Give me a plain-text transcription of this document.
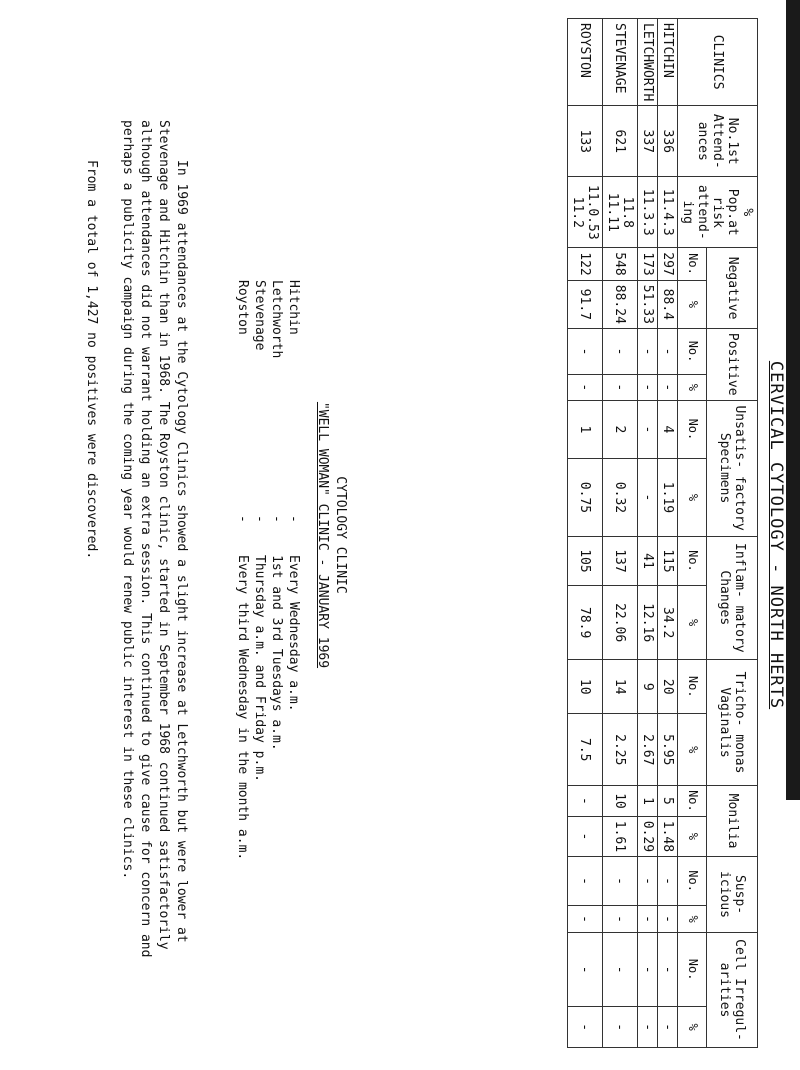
CERVICAL CYTOLOGY - NORTH HERTS
CLINICS	No.1st Attend- ances	% Pop.at risk attend- ing	Negative		Positive		Unsatis- factory Specimens		Inflam- matory Changes		Tricho- monas Vaginalis		Monilia		Susp- icious		Cell Irregul- arities	
			No.	%	No.	%	No.	%	No.	%	No.	%	No.	%	No.	%	No.	%
HITCHIN	336	11.4.3	297	88.4	-	-	4	1.19	115	34.2	20	5.95	5	1.48	-	-	-	-
LETCHWORTH	337	11.3.3	173	51.33	-	-	-	-	41	12.16	9	2.67	1	0.29	-	-	-	-
STEVENAGE	621	11.8 11.11	548	88.24	-	-	2	0.32	137	22.06	14	2.25	10	1.61	-	-	-	-
ROYSTON	133	11.0.53 11.2	122	91.7	-	-	1	0.75	105	78.9	10	7.5	-	-	-	-	-	-
CYTOLOGY CLINIC
"WELL WOMAN" CLINIC - JANUARY 1969
Hitchin
-
Every Wednesday a.m.
Letchworth
-
1st and 3rd Tuesdays a.m.
Stevenage
-
Thursday a.m. and Friday p.m.
Royston
-
Every third Wednesday in the month a.m.
In 1969 attendances at the Cytology Clinics showed a slight increase at Letchworth but were lower at Stevenage and Hitchin than in 1968. The Royston clinic, started in September 1968 continued satisfactorily although attendances did not warrant holding an extra session. This continued to give cause for concern and perhaps a publicity campaign during the coming year would renew public interest in these clinics.
From a total of 1,427 no positives were discovered.
